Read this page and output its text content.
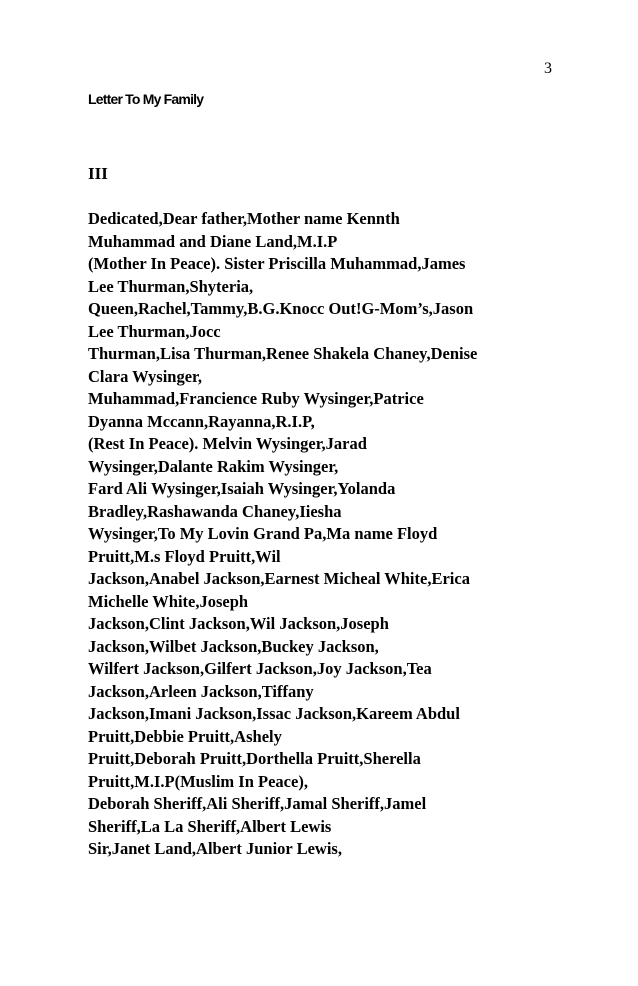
3
Letter To My Family
III
Dedicated,Dear father,Mother name Kennth
Muhammad and Diane Land,M.I.P
(Mother In Peace). Sister Priscilla Muhammad,James
Lee Thurman,Shyteria,
Queen,Rachel,Tammy,B.G.Knocc Out!G-Mom’s,Jason
Lee Thurman,Jocc
Thurman,Lisa Thurman,Renee Shakela Chaney,Denise
Clara Wysinger,
Muhammad,Francience Ruby Wysinger,Patrice
Dyanna Mccann,Rayanna,R.I.P,
(Rest In Peace). Melvin Wysinger,Jarad
Wysinger,Dalante Rakim Wysinger,
Fard Ali Wysinger,Isaiah Wysinger,Yolanda
Bradley,Rashawanda Chaney,Iiesha
Wysinger,To My Lovin Grand Pa,Ma name Floyd
Pruitt,M.s Floyd Pruitt,Wil
Jackson,Anabel Jackson,Earnest Micheal White,Erica
Michelle White,Joseph
Jackson,Clint Jackson,Wil Jackson,Joseph
Jackson,Wilbet Jackson,Buckey Jackson,
Wilfert Jackson,Gilfert Jackson,Joy Jackson,Tea
Jackson,Arleen Jackson,Tiffany
Jackson,Imani Jackson,Issac Jackson,Kareem Abdul
Pruitt,Debbie Pruitt,Ashely
Pruitt,Deborah Pruitt,Dorthella Pruitt,Sherella
Pruitt,M.I.P(Muslim In Peace),
Deborah Sheriff,Ali Sheriff,Jamal Sheriff,Jamel
Sheriff,La La Sheriff,Albert Lewis
Sir,Janet Land,Albert Junior Lewis,
